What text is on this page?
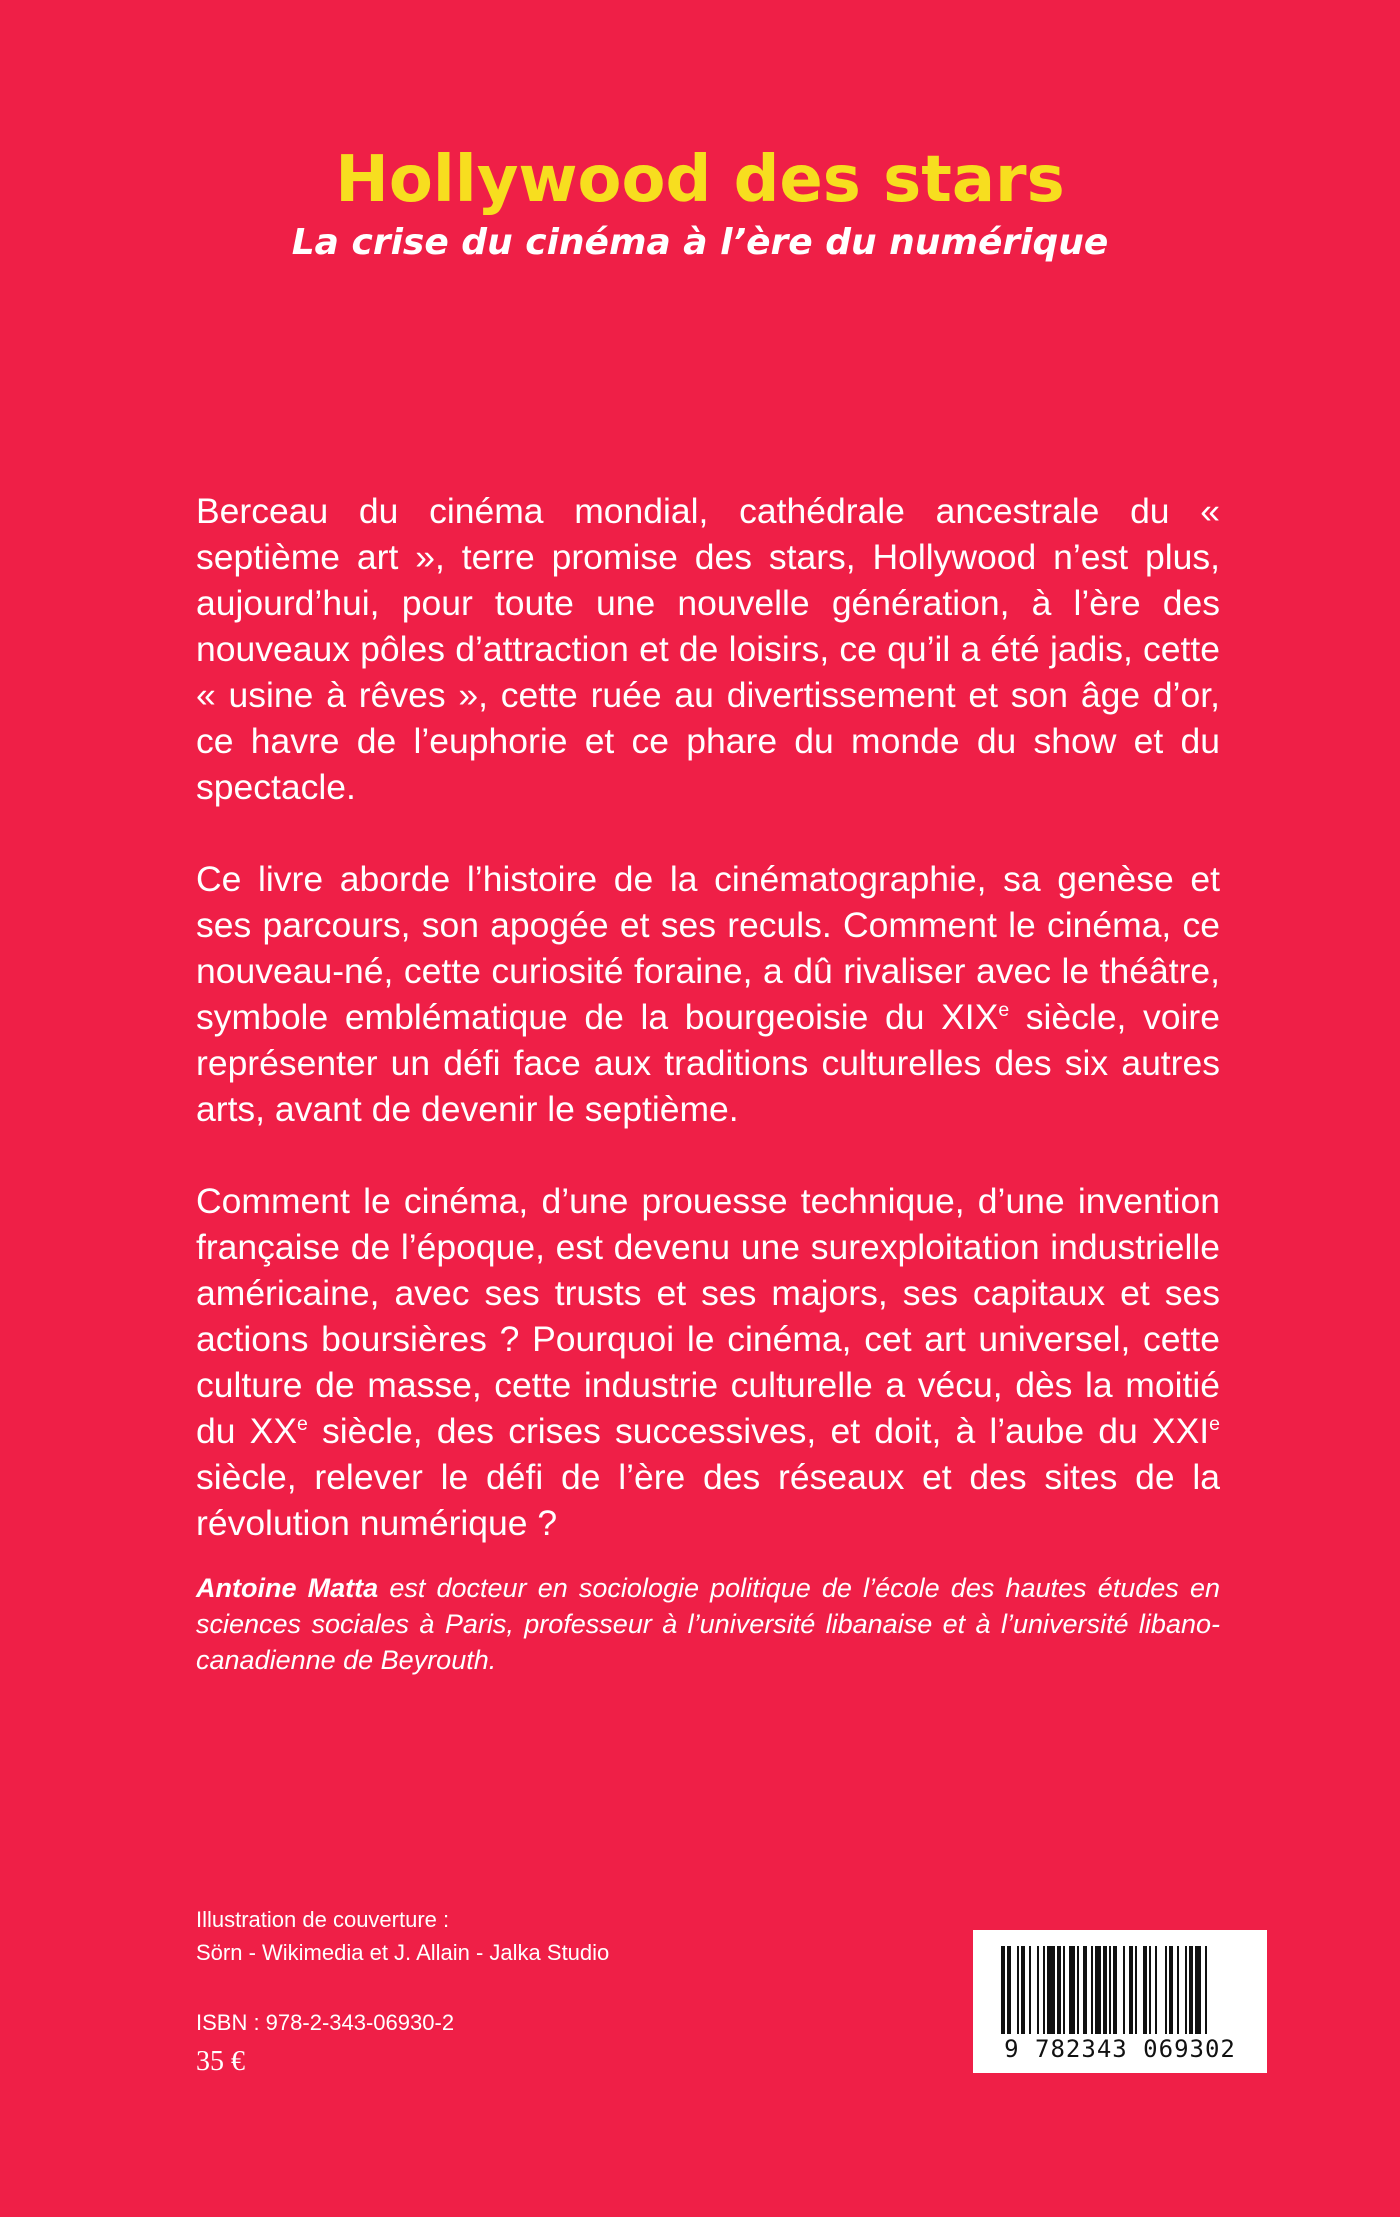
Hollywood des stars
La crise du cinéma à l’ère du numérique

Berceau du cinéma mondial, cathédrale ancestrale du « septième art », terre promise des stars, Hollywood n’est plus, aujourd’hui, pour toute une nouvelle génération, à l’ère des nouveaux pôles d’attraction et de loisirs, ce qu’il a été jadis, cette « usine à rêves », cette ruée au divertissement et son âge d’or, ce havre de l’euphorie et ce phare du monde du show et du spectacle.

Ce livre aborde l’histoire de la cinématographie, sa genèse et ses parcours, son apogée et ses reculs. Comment le cinéma, ce nouveau-né, cette curiosité foraine, a dû rivaliser avec le théâtre, symbole emblématique de la bourgeoisie du XIXe siècle, voire représenter un défi face aux traditions culturelles des six autres arts, avant de devenir le septième.

Comment le cinéma, d’une prouesse technique, d’une invention française de l’époque, est devenu une surexploitation industrielle américaine, avec ses trusts et ses majors, ses capitaux et ses actions boursières ? Pourquoi le cinéma, cet art universel, cette culture de masse, cette industrie culturelle a vécu, dès la moitié du XXe siècle, des crises successives, et doit, à l’aube du XXIe siècle, relever le défi de l’ère des réseaux et des sites de la révolution numérique ?

Antoine Matta est docteur en sociologie politique de l’école des hautes études en sciences sociales à Paris, professeur à l’université libanaise et à l’université libano-canadienne de Beyrouth.

Illustration de couverture :
Sörn - Wikimedia et J. Allain - Jalka Studio
ISBN : 978-2-343-06930-2
35 €	9 782343 069302
